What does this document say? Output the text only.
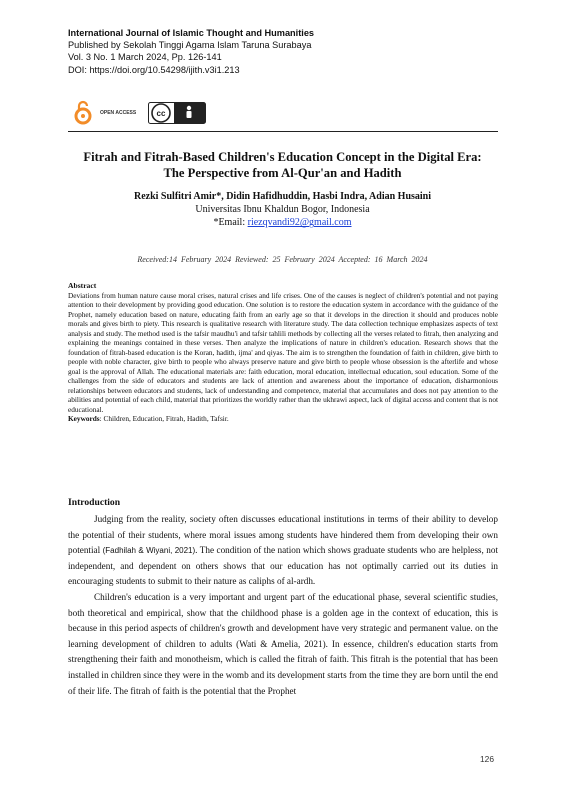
International Journal of Islamic Thought and Humanities
Published by Sekolah Tinggi Agama Islam Taruna Surabaya
Vol. 3 No. 1 March 2024, Pp. 126-141
DOI: https://doi.org/10.54298/ijith.v3i1.213
OPEN ACCESS	cc
Fitrah and Fitrah-Based Children's Education Concept in the Digital Era:
The Perspective from Al-Qur'an and Hadith
Rezki Sulfitri Amir*, Didin Hafidhuddin, Hasbi Indra, Adian Husaini
Universitas Ibnu Khaldun Bogor, Indonesia
*Email: riezqvandi92@gmail.com
Received:14 February 2024 Reviewed: 25 February 2024 Accepted: 16 March 2024
Abstract
Deviations from human nature cause moral crises, natural crises and life crises. One of the causes is neglect of children's potential and not paying attention to their development by providing good education. One solution is to restore the education system in accordance with the guidance of the Prophet, namely education based on nature, educating faith from an early age so that it develops in the direction it should and produces noble morals and gives birth to piety. This research is qualitative research with literature study. The data collection technique emphasizes aspects of text analysis and study. The method used is the tafsir maudhu'i and tafsir tahlili methods by collecting all the verses related to fitrah, then analyzing and explaining the meanings contained in these verses. Then analyze the implications of nature in children's education. Research shows that the foundation of fitrah-based education is the Koran, hadith, ijma' and qiyas. The aim is to strengthen the foundation of faith in children, give birth to people with noble character, give birth to people who always preserve nature and give birth to people whose obsession is the afterlife and whose goal is the approval of Allah. The educational materials are: faith education, moral education, intellectual education, soul education. Some of the challenges from the side of educators and students are lack of attention and awareness about the importance of education, disharmonious relationships between educators and students, lack of understanding and competence, material that accumulates and does not pay attention to the abilities and potential of each child, material that prioritizes the worldly rather than the ukhrawi aspect, lack of digital access and content that is not educational.
Keywords: Children, Education, Fitrah, Hadith, Tafsir.
Introduction

Judging from the reality, society often discusses educational institutions in terms of their ability to develop the potential of their students, where moral issues among students have hindered them from developing their own potential (Fadhilah & Wiyani, 2021). The condition of the nation which shows graduate students who are helpless, not independent, and dependent on others shows that our education has not optimally carried out its duties in encouraging students to submit to their nature as caliphs of al-ardh.

Children's education is a very important and urgent part of the educational phase, several scientific studies, both theoretical and empirical, show that the childhood phase is a golden age in the context of education, this is because in this period aspects of children's growth and development have very strategic and permanent value. on the learning development of children to adults (Wati & Amelia, 2021). In essence, children's education starts from strengthening their faith and monotheism, which is called the fitrah of faith. This fitrah is the potential that has been installed in children since they were in the womb and its development starts from the time they are born until the end of their life. The fitrah of faith is the potential that the Prophet

126
